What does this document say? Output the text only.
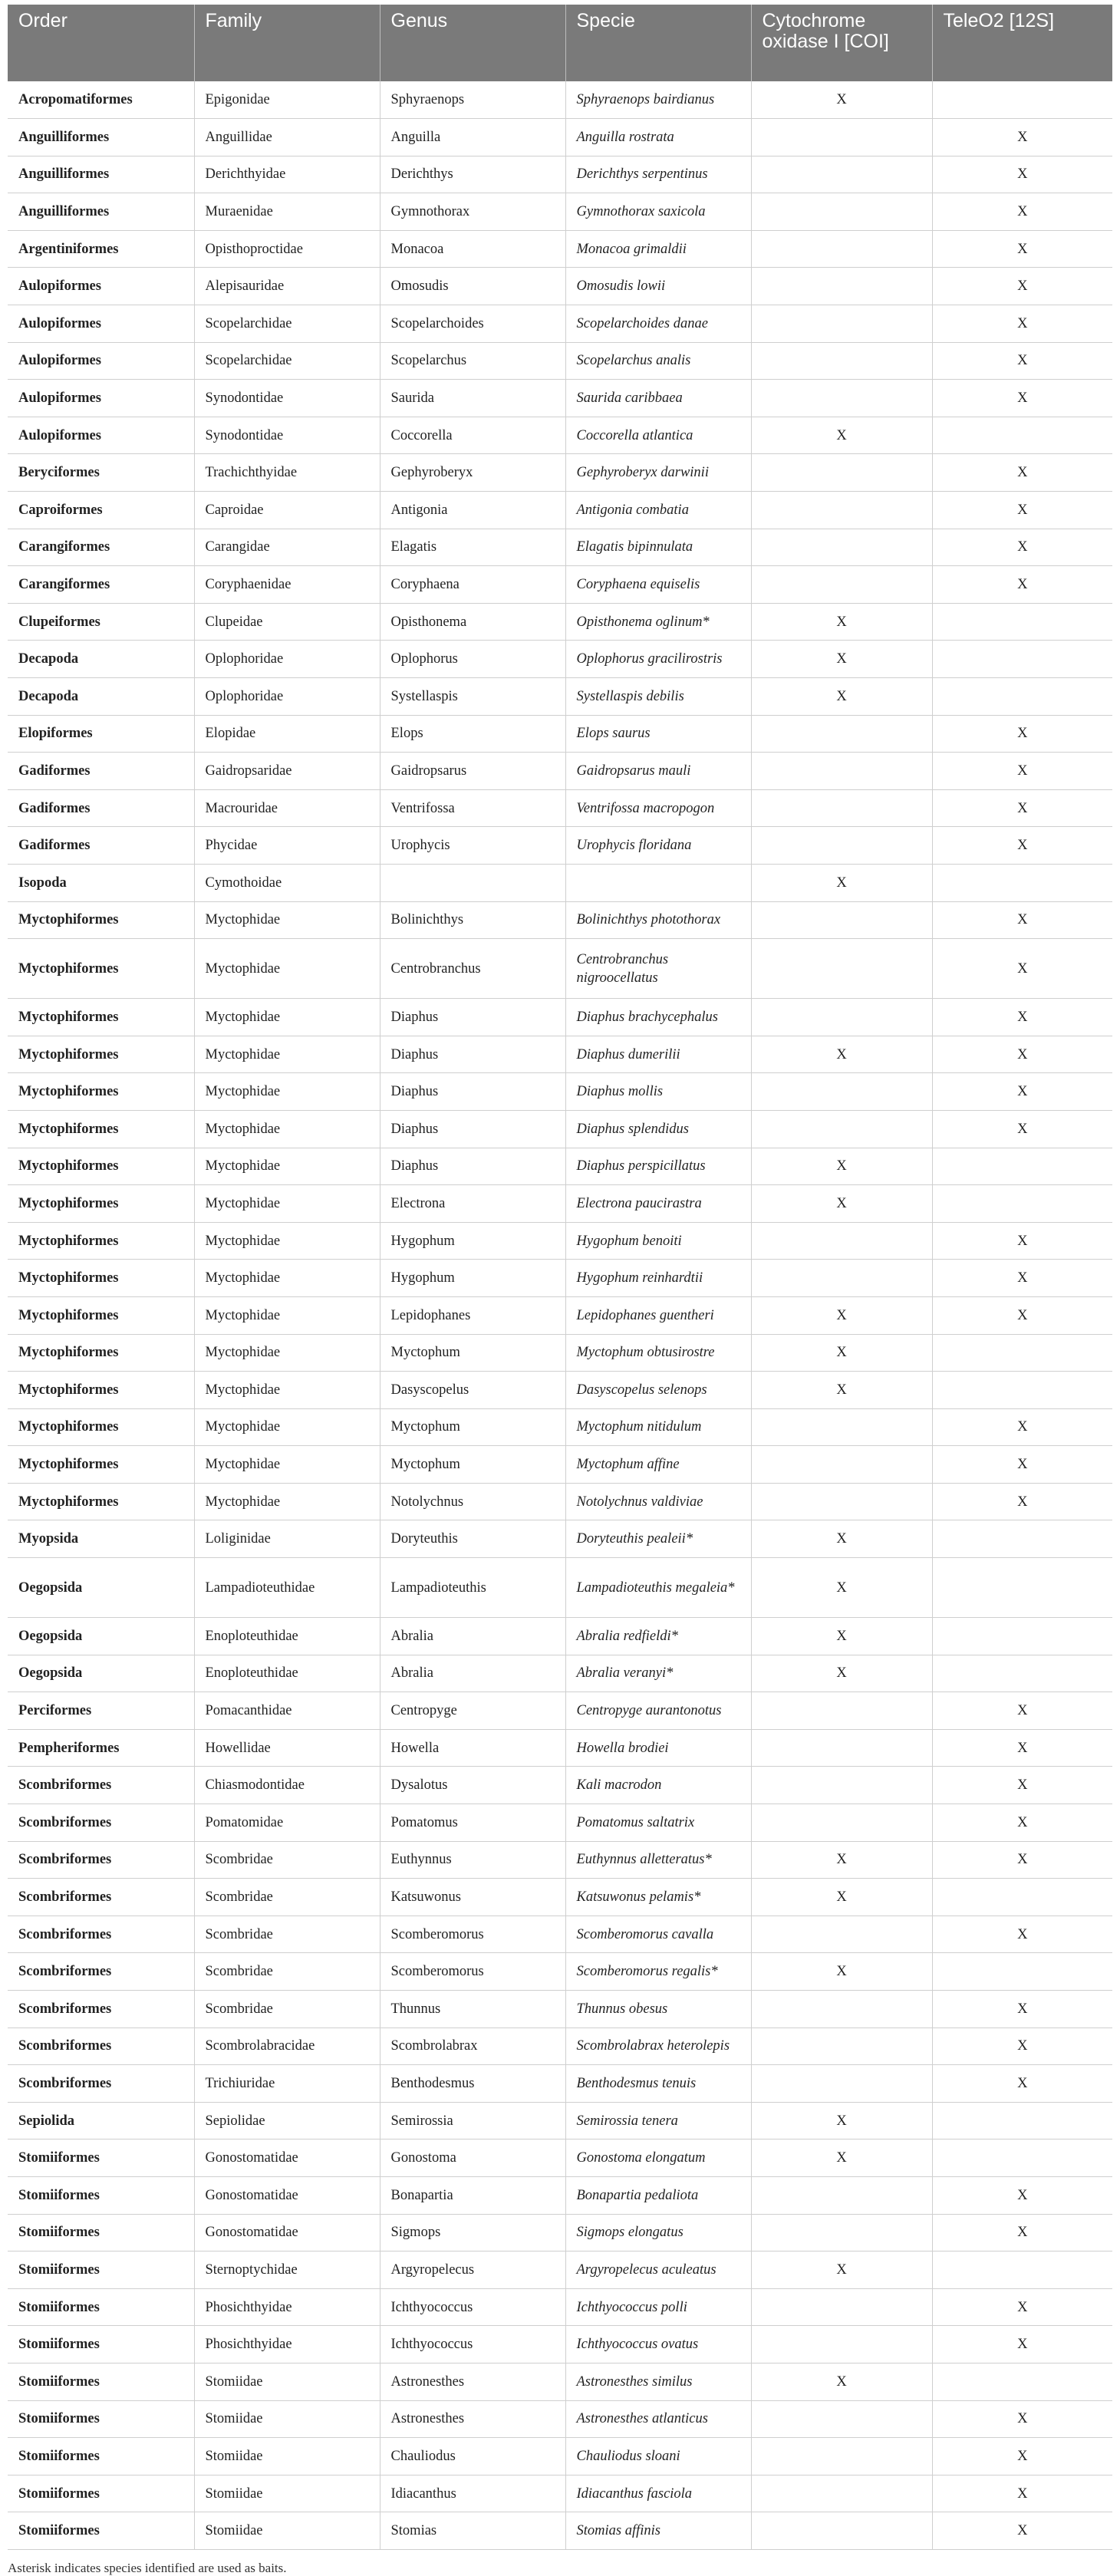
Order	Family	Genus	Specie	Cytochrome oxidase I [COI]	TeleO2 [12S]
Acropomatiformes	Epigonidae	Sphyraenops	Sphyraenops bairdianus	X	
Anguilliformes	Anguillidae	Anguilla	Anguilla rostrata		X
Anguilliformes	Derichthyidae	Derichthys	Derichthys serpentinus		X
Anguilliformes	Muraenidae	Gymnothorax	Gymnothorax saxicola		X
Argentiniformes	Opisthoproctidae	Monacoa	Monacoa grimaldii		X
Aulopiformes	Alepisauridae	Omosudis	Omosudis lowii		X
Aulopiformes	Scopelarchidae	Scopelarchoides	Scopelarchoides danae		X
Aulopiformes	Scopelarchidae	Scopelarchus	Scopelarchus analis		X
Aulopiformes	Synodontidae	Saurida	Saurida caribbaea		X
Aulopiformes	Synodontidae	Coccorella	Coccorella atlantica	X	
Beryciformes	Trachichthyidae	Gephyroberyx	Gephyroberyx darwinii		X
Caproiformes	Caproidae	Antigonia	Antigonia combatia		X
Carangiformes	Carangidae	Elagatis	Elagatis bipinnulata		X
Carangiformes	Coryphaenidae	Coryphaena	Coryphaena equiselis		X
Clupeiformes	Clupeidae	Opisthonema	Opisthonema oglinum*	X	
Decapoda	Oplophoridae	Oplophorus	Oplophorus gracilirostris	X	
Decapoda	Oplophoridae	Systellaspis	Systellaspis debilis	X	
Elopiformes	Elopidae	Elops	Elops saurus		X
Gadiformes	Gaidropsaridae	Gaidropsarus	Gaidropsarus mauli		X
Gadiformes	Macrouridae	Ventrifossa	Ventrifossa macropogon		X
Gadiformes	Phycidae	Urophycis	Urophycis floridana		X
Isopoda	Cymothoidae			X	
Myctophiformes	Myctophidae	Bolinichthys	Bolinichthys photothorax		X
Myctophiformes	Myctophidae	Centrobranchus	Centrobranchus nigroocellatus		X
Myctophiformes	Myctophidae	Diaphus	Diaphus brachycephalus		X
Myctophiformes	Myctophidae	Diaphus	Diaphus dumerilii	X	X
Myctophiformes	Myctophidae	Diaphus	Diaphus mollis		X
Myctophiformes	Myctophidae	Diaphus	Diaphus splendidus		X
Myctophiformes	Myctophidae	Diaphus	Diaphus perspicillatus	X	
Myctophiformes	Myctophidae	Electrona	Electrona paucirastra	X	
Myctophiformes	Myctophidae	Hygophum	Hygophum benoiti		X
Myctophiformes	Myctophidae	Hygophum	Hygophum reinhardtii		X
Myctophiformes	Myctophidae	Lepidophanes	Lepidophanes guentheri	X	X
Myctophiformes	Myctophidae	Myctophum	Myctophum obtusirostre	X	
Myctophiformes	Myctophidae	Dasyscopelus	Dasyscopelus selenops	X	
Myctophiformes	Myctophidae	Myctophum	Myctophum nitidulum		X
Myctophiformes	Myctophidae	Myctophum	Myctophum affine		X
Myctophiformes	Myctophidae	Notolychnus	Notolychnus valdiviae		X
Myopsida	Loliginidae	Doryteuthis	Doryteuthis pealeii*	X	
Oegopsida	Lampadioteuthidae	Lampadioteuthis	Lampadioteuthis megaleia*	X	
Oegopsida	Enoploteuthidae	Abralia	Abralia redfieldi*	X	
Oegopsida	Enoploteuthidae	Abralia	Abralia veranyi*	X	
Perciformes	Pomacanthidae	Centropyge	Centropyge aurantonotus		X
Pempheriformes	Howellidae	Howella	Howella brodiei		X
Scombriformes	Chiasmodontidae	Dysalotus	Kali macrodon		X
Scombriformes	Pomatomidae	Pomatomus	Pomatomus saltatrix		X
Scombriformes	Scombridae	Euthynnus	Euthynnus alletteratus*	X	X
Scombriformes	Scombridae	Katsuwonus	Katsuwonus pelamis*	X	
Scombriformes	Scombridae	Scomberomorus	Scomberomorus cavalla		X
Scombriformes	Scombridae	Scomberomorus	Scomberomorus regalis*	X	
Scombriformes	Scombridae	Thunnus	Thunnus obesus		X
Scombriformes	Scombrolabracidae	Scombrolabrax	Scombrolabrax heterolepis		X
Scombriformes	Trichiuridae	Benthodesmus	Benthodesmus tenuis		X
Sepiolida	Sepiolidae	Semirossia	Semirossia tenera	X	
Stomiiformes	Gonostomatidae	Gonostoma	Gonostoma elongatum	X	
Stomiiformes	Gonostomatidae	Bonapartia	Bonapartia pedaliota		X
Stomiiformes	Gonostomatidae	Sigmops	Sigmops elongatus		X
Stomiiformes	Sternoptychidae	Argyropelecus	Argyropelecus aculeatus	X	
Stomiiformes	Phosichthyidae	Ichthyococcus	Ichthyococcus polli		X
Stomiiformes	Phosichthyidae	Ichthyococcus	Ichthyococcus ovatus		X
Stomiiformes	Stomiidae	Astronesthes	Astronesthes similus	X	
Stomiiformes	Stomiidae	Astronesthes	Astronesthes atlanticus		X
Stomiiformes	Stomiidae	Chauliodus	Chauliodus sloani		X
Stomiiformes	Stomiidae	Idiacanthus	Idiacanthus fasciola		X
Stomiiformes	Stomiidae	Stomias	Stomias affinis		X
Asterisk indicates species identified are used as baits.
